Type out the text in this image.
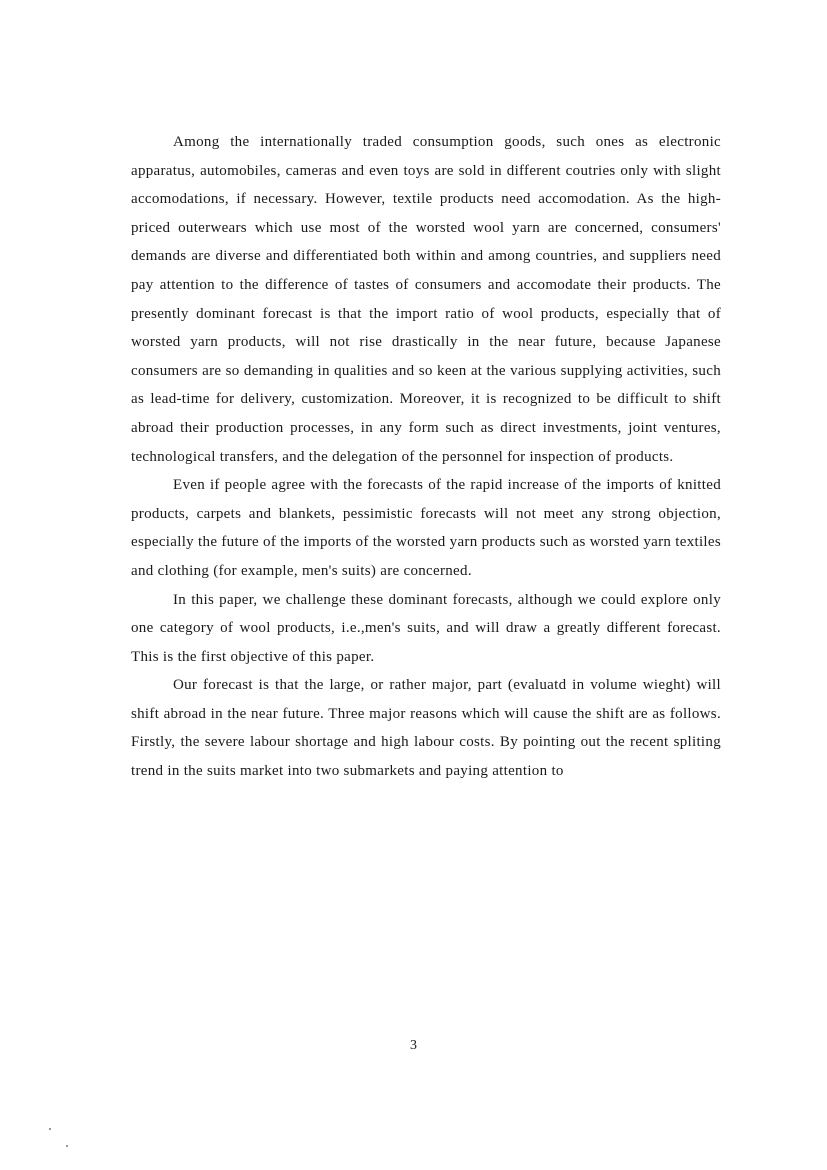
Among the internationally traded consumption goods, such ones as electronic apparatus, automobiles, cameras and even toys are sold in different coutries only with slight accomodations, if necessary. However, textile products need accomodation. As the high-priced outerwears which use most of the worsted wool yarn are concerned, consumers' demands are diverse and differentiated both within and among countries, and suppliers need pay attention to the difference of tastes of consumers and accomodate their products. The presently dominant forecast is that the import ratio of wool products, especially that of worsted yarn products, will not rise drastically in the near future, because Japanese consumers are so demanding in qualities and so keen at the various supplying activities, such as lead-time for delivery, customization. Moreover, it is recognized to be difficult to shift abroad their production processes, in any form such as direct investments, joint ventures, technological transfers, and the delegation of the personnel for inspection of products.

Even if people agree with the forecasts of the rapid increase of the imports of knitted products, carpets and blankets, pessimistic forecasts will not meet any strong objection, especially the future of the imports of the worsted yarn products such as worsted yarn textiles and clothing (for example, men's suits) are concerned.

In this paper, we challenge these dominant forecasts, although we could explore only one category of wool products, i.e.,men's suits, and will draw a greatly different forecast. This is the first objective of this paper.

Our forecast is that the large, or rather major, part (evaluatd in volume wieght) will shift abroad in the near future. Three major reasons which will cause the shift are as follows. Firstly, the severe labour shortage and high labour costs. By pointing out the recent spliting trend in the suits market into two submarkets and paying attention to

3
